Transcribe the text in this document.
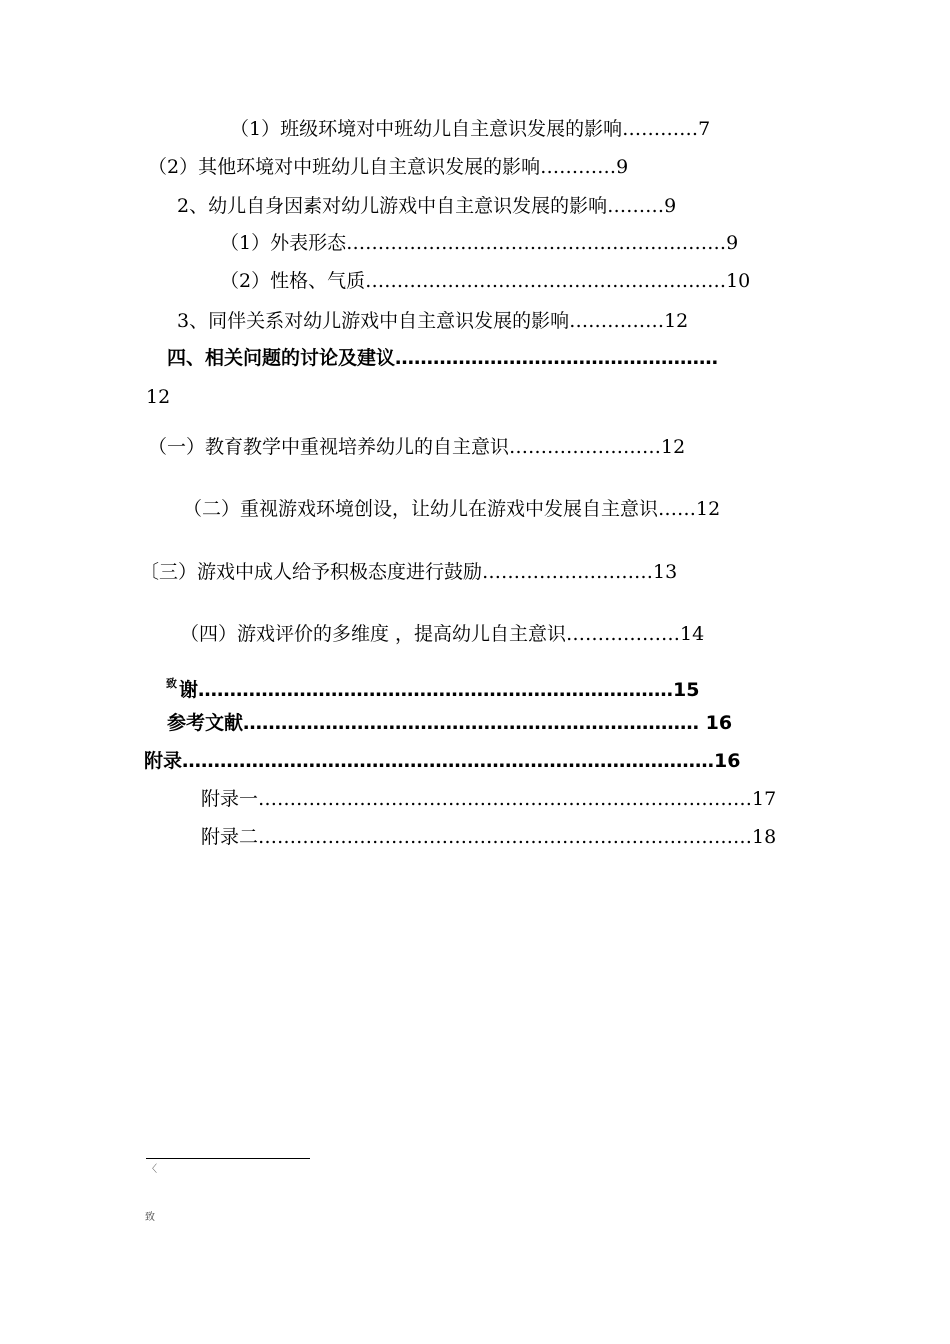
（1）班级环境对中班幼儿自主意识发展的影响…………7
（2）其他环境对中班幼儿自主意识发展的影响…………9
2、幼儿自身因素对幼儿游戏中自主意识发展的影响………9
（1）外表形态……………………………………………………9
（2）性格、气质…………………………………………………10
3、同伴关系对幼儿游戏中自主意识发展的影响……………12
四、相关问题的讨论及建议……………………………………………
12
（一）教育教学中重视培养幼儿的自主意识……………………12
（二）重视游戏环境创设，让幼儿在游戏中发展自主意识……12
〔三）游戏中成人给予积极态度进行鼓励………………………13
（四）游戏评价的多维度 ，提高幼儿自主意识………………14
$^致$ 谢…………………………………………………………………15
参考文献……………………………………………………………… 16
附录…………………………………………………………………………16
附录一……………………………………………………………………17
附录二……………………………………………………………………18
〈
致
